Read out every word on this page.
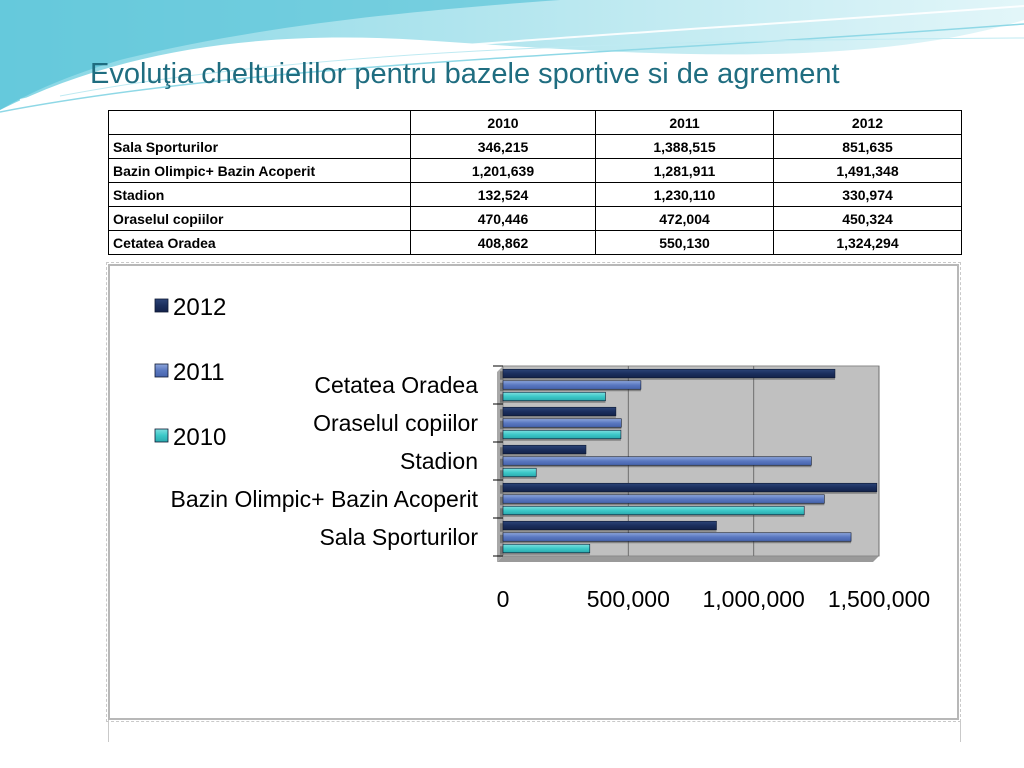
Evoluţia cheltuielilor pentru bazele sportive si de agrement
	2010	2011	2012
Sala Sporturilor	346,215	1,388,515	851,635
Bazin Olimpic+ Bazin Acoperit	1,201,639	1,281,911	1,491,348
Stadion	132,524	1,230,110	330,974
Oraselul copiilor	470,446	472,004	450,324
Cetatea Oradea	408,862	550,130	1,324,294
0	500,000 1,000,000 1,500,000
Sala Sporturilor
Bazin Olimpic+ Bazin Acoperit
Stadion
Oraselul copiilor
Cetatea Oradea
2012
2011
2010
